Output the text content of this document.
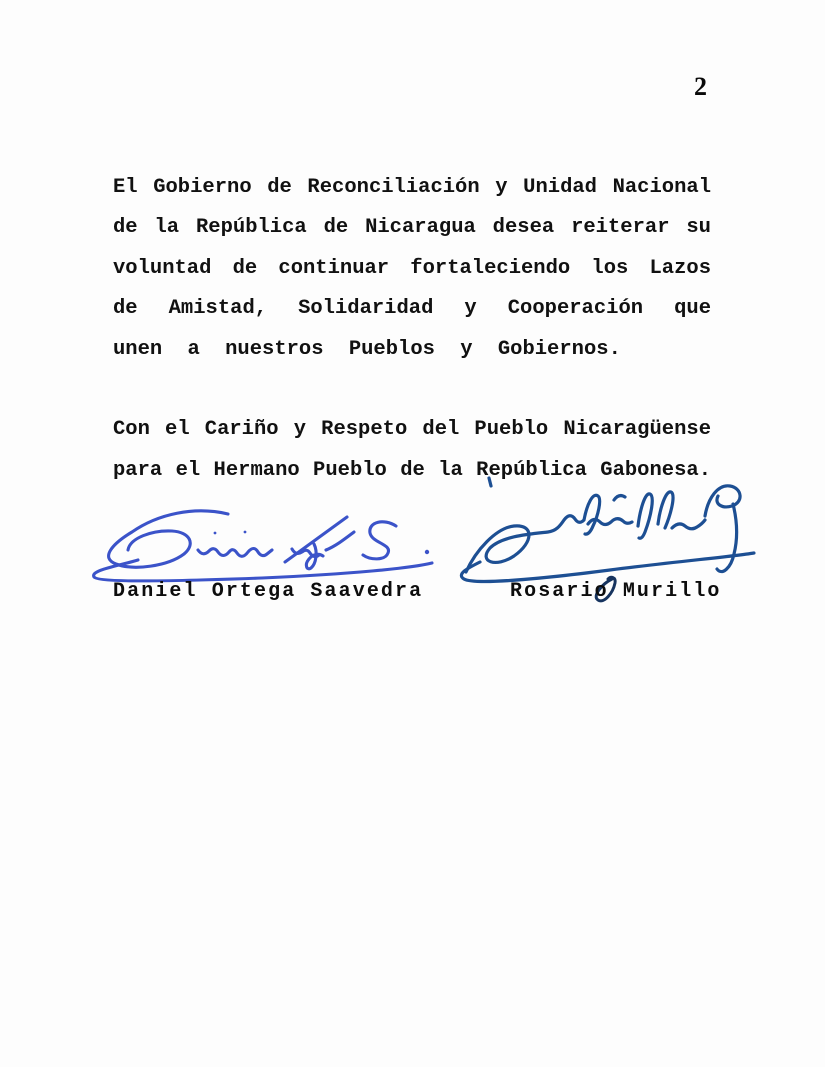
2
El Gobierno de Reconciliación y Unidad Nacional
de la República de Nicaragua desea reiterar su
voluntad de continuar fortaleciendo los Lazos
de Amistad, Solidaridad y Cooperación que
unen a nuestros Pueblos y Gobiernos.
Con el Cariño y Respeto del Pueblo Nicaragüense
para el Hermano Pueblo de la República Gabonesa.
Daniel Ortega Saavedra	Rosario Murillo
